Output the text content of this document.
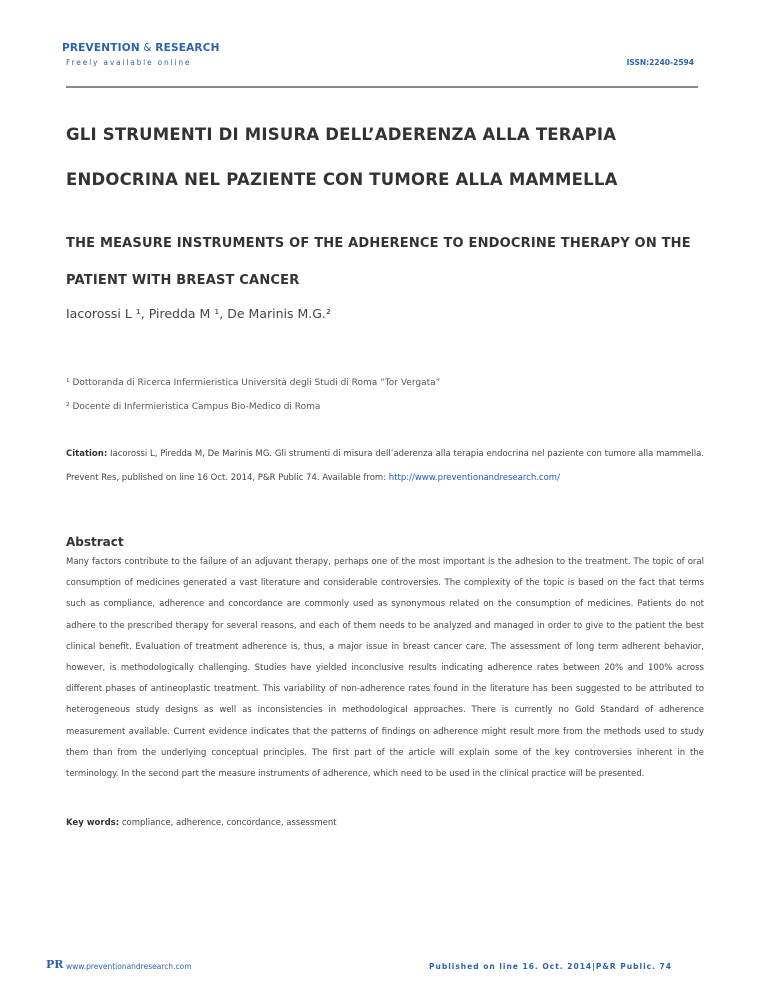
PREVENTION & RESEARCH
Freely available online	ISSN:2240-2594
GLI STRUMENTI DI MISURA DELL’ADERENZA ALLA TERAPIA ENDOCRINA NEL PAZIENTE CON TUMORE ALLA MAMMELLA
THE MEASURE INSTRUMENTS OF THE ADHERENCE TO ENDOCRINE THERAPY ON THE PATIENT WITH BREAST CANCER
Iacorossi L ¹, Piredda M ¹, De Marinis M.G.²
¹ Dottoranda di Ricerca Infermieristica Università degli Studi di Roma “Tor Vergata”
² Docente di Infermieristica Campus Bio-Medico di Roma

Citation: Iacorossi L, Piredda M, De Marinis MG. Gli strumenti di misura dell’aderenza alla terapia endocrina nel paziente con tumore alla mammella. Prevent Res, published on line 16 Oct. 2014, P&R Public 74. Available from: http://www.preventionandresearch.com/

Abstract

Many factors contribute to the failure of an adjuvant therapy, perhaps one of the most important is the adhesion to the treatment. The topic of oral consumption of medicines generated a vast literature and considerable controversies. The complexity of the topic is based on the fact that terms such as compliance, adherence and concordance are commonly used as synonymous related on the consumption of medicines. Patients do not adhere to the prescribed therapy for several reasons, and each of them needs to be analyzed and managed in order to give to the patient the best clinical benefit. Evaluation of treatment adherence is, thus, a major issue in breast cancer care. The assessment of long term adherent behavior, however, is methodologically challenging. Studies have yielded inconclusive results indicating adherence rates between 20% and 100% across different phases of antineoplastic treatment. This variability of non-adherence rates found in the literature has been suggested to be attributed to heterogeneous study designs as well as inconsistencies in methodological approaches. There is currently no Gold Standard of adherence measurement available. Current evidence indicates that the patterns of findings on adherence might result more from the methods used to study them than from the underlying conceptual principles. The first part of the article will explain some of the key controversies inherent in the terminology. In the second part the measure instruments of adherence, which need to be used in the clinical practice will be presented.

Key words: compliance, adherence, concordance, assessment
PR www.preventionandresearch.com	Published on line 16. Oct. 2014|P&R Public. 74
